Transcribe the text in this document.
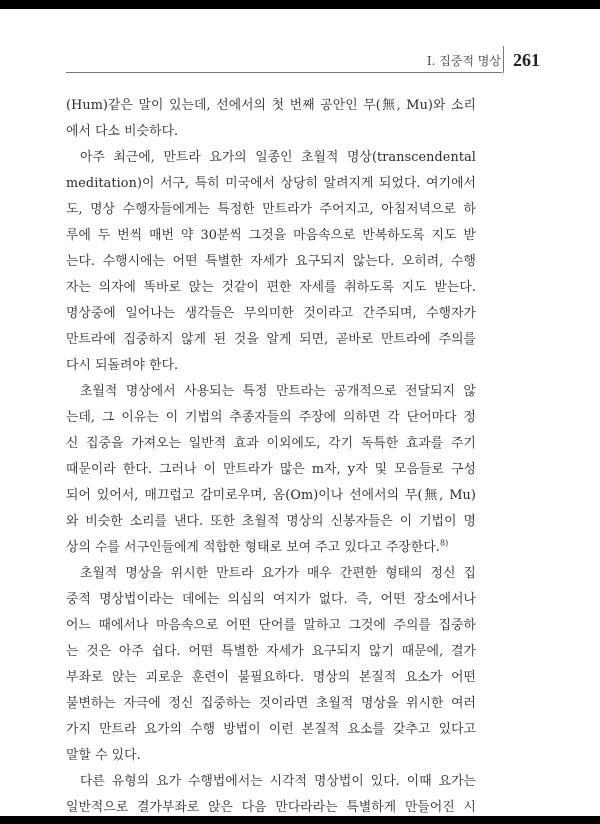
I. 집중적 명상 261
(Hum)같은 말이 있는데, 선에서의 첫 번째 공안인 무(無, Mu)와 소리
에서 다소 비슷하다.
아주 최근에, 만트라 요가의 일종인 초월적 명상(transcendental
meditation)이 서구, 특히 미국에서 상당히 알려지게 되었다. 여기에서
도, 명상 수행자들에게는 특정한 만트라가 주어지고, 아침저녁으로 하
루에 두 번씩 매번 약 30분씩 그것을 마음속으로 반복하도록 지도 받
는다. 수행시에는 어떤 특별한 자세가 요구되지 않는다. 오히려, 수행
자는 의자에 똑바로 앉는 것같이 편한 자세를 취하도록 지도 받는다.
명상중에 일어나는 생각들은 무의미한 것이라고 간주되며, 수행자가
만트라에 집중하지 않게 된 것을 알게 되면, 곧바로 만트라에 주의를
다시 되돌려야 한다.
초월적 명상에서 사용되는 특정 만트라는 공개적으로 전달되지 않
는데, 그 이유는 이 기법의 추종자들의 주장에 의하면 각 단어마다 정
신 집중을 가져오는 일반적 효과 이외에도, 각기 독특한 효과를 주기
때문이라 한다. 그러나 이 만트라가 많은 m자, y자 및 모음들로 구성
되어 있어서, 매끄럽고 감미로우며, 옴(Om)이나 선에서의 무(無, Mu)
와 비슷한 소리를 낸다. 또한 초월적 명상의 신봉자들은 이 기법이 명
상의 수를 서구인들에게 적합한 형태로 보여 주고 있다고 주장한다.$^{8)}$
초월적 명상을 위시한 만트라 요가가 매우 간편한 형태의 정신 집
중적 명상법이라는 데에는 의심의 여지가 없다. 즉, 어떤 장소에서나
어느 때에서나 마음속으로 어떤 단어를 말하고 그것에 주의를 집중하
는 것은 아주 쉽다. 어떤 특별한 자세가 요구되지 않기 때문에, 결가
부좌로 앉는 괴로운 훈련이 불필요하다. 명상의 본질적 요소가 어떤
불변하는 자극에 정신 집중하는 것이라면 초월적 명상을 위시한 여러
가지 만트라 요가의 수행 방법이 이런 본질적 요소를 갖추고 있다고
말할 수 있다.
다른 유형의 요가 수행법에서는 시각적 명상법이 있다. 이때 요가는
일반적으로 결가부좌로 앉은 다음 만다라라는 특별하게 만들어진 시
